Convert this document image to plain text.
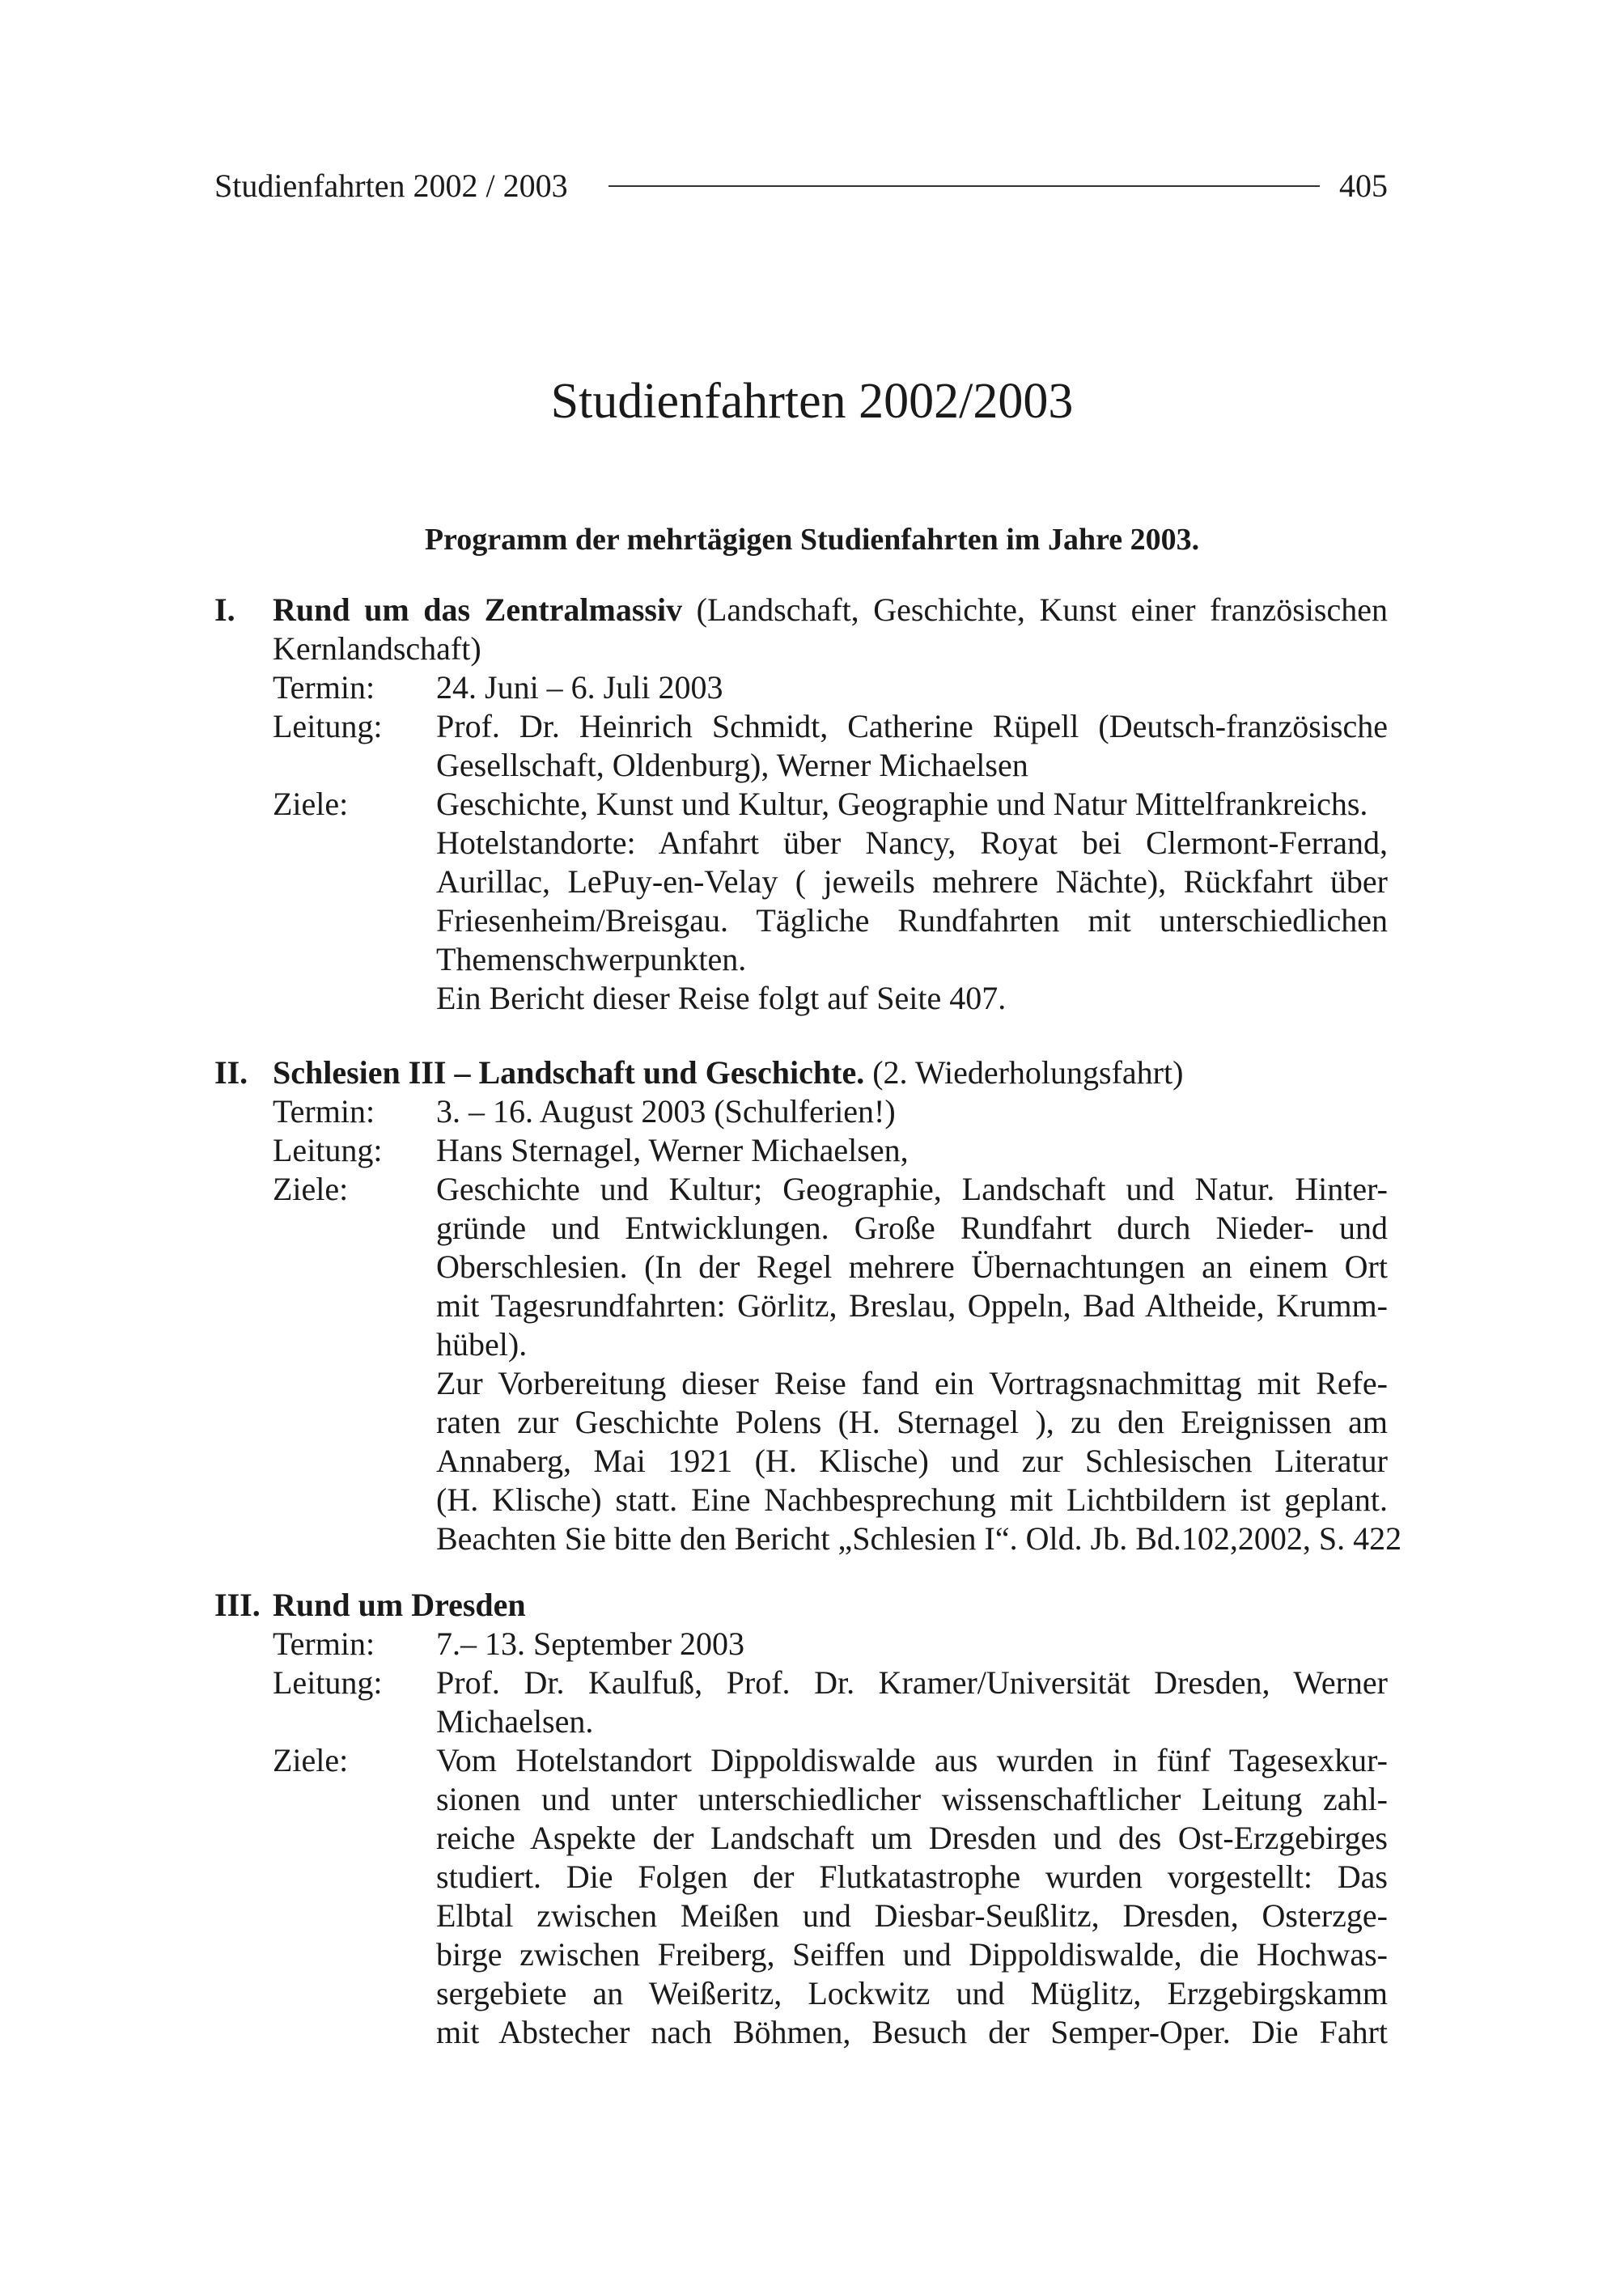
Studienfahrten 2002 / 2003	405
Studienfahrten 2002/2003
Programm der mehrtägigen Studienfahrten im Jahre 2003.
I.	Rund um das Zentralmassiv (Landschaft, Geschichte, Kunst einer französischen
Kernlandschaft)
Termin:	24. Juni – 6. Juli 2003
Leitung:	Prof. Dr. Heinrich Schmidt, Catherine Rüpell (Deutsch-französische
Gesellschaft, Oldenburg), Werner Michaelsen
Ziele:	Geschichte, Kunst und Kultur, Geographie und Natur Mittelfrankreichs.
Hotelstandorte: Anfahrt über Nancy, Royat bei Clermont-Ferrand,
Aurillac, LePuy-en-Velay ( jeweils mehrere Nächte), Rückfahrt über
Friesenheim/Breisgau. Tägliche Rundfahrten mit unterschiedlichen
Themenschwerpunkten.
Ein Bericht dieser Reise folgt auf Seite 407.
II. Schlesien III – Landschaft und Geschichte. (2. Wiederholungsfahrt)
Termin:	3. – 16. August 2003 (Schulferien!)
Leitung:	Hans Sternagel, Werner Michaelsen,
Ziele:	Geschichte und Kultur; Geographie, Landschaft und Natur. Hinter-
gründe und Entwicklungen. Große Rundfahrt durch Nieder- und
Oberschlesien. (In der Regel mehrere Übernachtungen an einem Ort
mit Tagesrundfahrten: Görlitz, Breslau, Oppeln, Bad Altheide, Krumm-
hübel).
Zur Vorbereitung dieser Reise fand ein Vortragsnachmittag mit Refe-
raten zur Geschichte Polens (H. Sternagel ), zu den Ereignissen am
Annaberg, Mai 1921 (H. Klische) und zur Schlesischen Literatur
(H. Klische) statt. Eine Nachbesprechung mit Lichtbildern ist geplant.
Beachten Sie bitte den Bericht „Schlesien I“. Old. Jb. Bd.102,2002, S. 422
III. Rund um Dresden
Termin:	7.– 13. September 2003
Leitung:	Prof. Dr. Kaulfuß, Prof. Dr. Kramer/Universität Dresden, Werner
Michaelsen.
Ziele:	Vom Hotelstandort Dippoldiswalde aus wurden in fünf Tagesexkur-
sionen und unter unterschiedlicher wissenschaftlicher Leitung zahl-
reiche Aspekte der Landschaft um Dresden und des Ost-Erzgebirges
studiert. Die Folgen der Flutkatastrophe wurden vorgestellt: Das
Elbtal zwischen Meißen und Diesbar-Seußlitz, Dresden, Osterzge-
birge zwischen Freiberg, Seiffen und Dippoldiswalde, die Hochwas-
sergebiete an Weißeritz, Lockwitz und Müglitz, Erzgebirgskamm
mit Abstecher nach Böhmen, Besuch der Semper-Oper. Die Fahrt
